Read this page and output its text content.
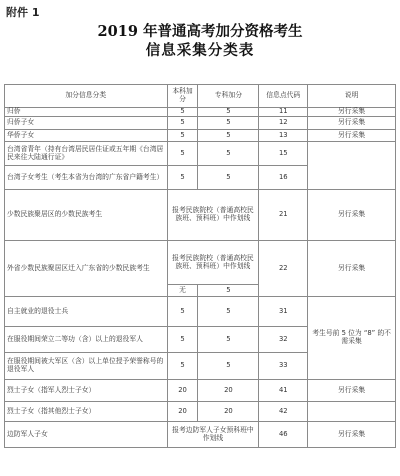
附件 1
2019 年普通高考加分资格考生
信息采集分类表
加分信息分类	本科加分	专科加分	信息点代码	说明
归侨	5	5	11	另行采集
归侨子女	5	5	12	另行采集
华侨子女	5	5	13	另行采集
台湾省青年（持有台湾居民居住证或五年期《台湾居民来往大陆通行证》	5	5	15	
台湾子女考生（考生本省为台湾的广东省户籍考生）	5	5	16	
少数民族聚居区的少数民族考生	报考民族院校（普通高校民族班、预科班）中作划线		21	另行采集
外省少数民族聚居区迁入广东省的少数民族考生	报考民族院校（普通高校民族班、预科班）中作划线		22	另行采集
	无	5		
自主就业的退役士兵	5	5	31	考生号前 5 位为 “8” 的不需采集
在服役期间荣立二等功（含）以上的退役军人	5	5	32	
在服役期间被大军区（含）以上单位授予荣誉称号的退役军人	5	5	33	
烈士子女（指军人烈士子女）	20	20	41	另行采集
烈士子女（指其他烈士子女）	20	20	42	
边防军人子女	报考边防军人子女预科班中作划线		46	另行采集
